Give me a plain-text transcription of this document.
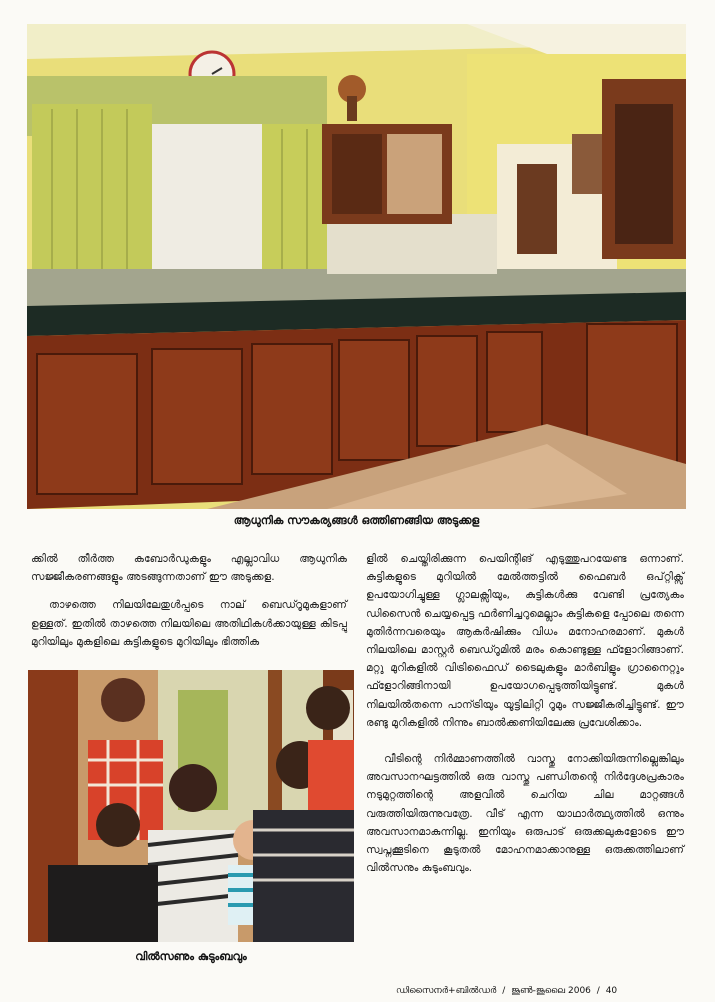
ആധുനിക സൗകര്യങ്ങൾ ഒത്തിണങ്ങിയ അടുക്കള

ക്കിൽ തീർത്ത കബോർഡുകളും എല്ലാവിധ ആധുനിക സജ്ജീകരണങ്ങളും അടങ്ങുന്നതാണ് ഈ അടുക്കള.

താഴത്തെ നിലയിലേതുൾപ്പടെ നാല് ബെഡ്റൂമുകളാണ് ഉള്ളത്. ഇതിൽ താഴത്തെ നിലയിലെ അതിഥികൾക്കായുള്ള കിടപ്പു മുറിയിലും മുകളിലെ കുട്ടികളുടെ മുറിയിലും ഭിത്തിക

വിൽസണും കുടുംബവും

ളിൽ ചെയ്തിരിക്കുന്ന പെയിന്റിങ് എടുത്തുപറയേണ്ട ഒന്നാണ്. കുട്ടികളുടെ മുറിയിൽ മേൽത്തട്ടിൽ ഫൈബർ ഒപ്റ്റിക്സ് ഉപയോഗിച്ചുള്ള ഗ്ലാലക്സിയും, കുട്ടികൾക്കു വേണ്ടി പ്രത്യേകം ഡിസൈൻ ചെയ്യപ്പെട്ട ഫർണിച്ചറുമെല്ലാം കുട്ടികളെ പ്പോലെ തന്നെ മുതിർന്നവരെയും ആകർഷിക്കും വിധം മനോഹരമാണ്. മുകൾ നിലയിലെ മാസ്റ്റർ ബെഡ്റൂമിൽ മരം കൊണ്ടുള്ള ഫ്ളോറിങ്ങാണ്. മറ്റു മുറികളിൽ വിട്രിഫൈഡ് ടൈലുകളും മാർബിളും ഗ്രാനൈറ്റും ഫ്ളോറിങ്ങിനായി ഉപയോഗപ്പെടുത്തിയിട്ടുണ്ട്. മുകൾ നിലയിൽതന്നെ പാന്ട്രിയും യൂട്ടിലിറ്റി റൂമും സജ്ജീകരിച്ചിട്ടുണ്ട്. ഈ രണ്ടു മുറികളിൽ നിന്നും ബാൽക്കണിയിലേക്കു പ്രവേശിക്കാം.

വീടിന്റെ നിർമ്മാണത്തിൽ വാസ്തു നോക്കിയിരുന്നില്ലെങ്കിലും അവസാനഘട്ടത്തിൽ ഒരു വാസ്തു പണ്ഡിതന്റെ നിർദ്ദേശപ്രകാരം നടുമുറ്റത്തിന്റെ അളവിൽ ചെറിയ ചില മാറ്റങ്ങൾ വരുത്തിയിരുന്നുവത്രേ. വീട് എന്ന യാഥാർത്ഥ്യത്തിൽ ഒന്നും അവസാനമാകുന്നില്ല. ഇനിയും ഒരുപാട് ഒരുക്കലുകളോടെ ഈ സ്വപ്നക്കൂടിനെ കൂടുതൽ മോഹനമാക്കാനുള്ള ഒരുക്കത്തിലാണ് വിൽസനും കുടുംബവും.

ഡിസൈനർ+ബിൽഡർ / ജൂൺ-ജൂലൈ 2006 / 40
